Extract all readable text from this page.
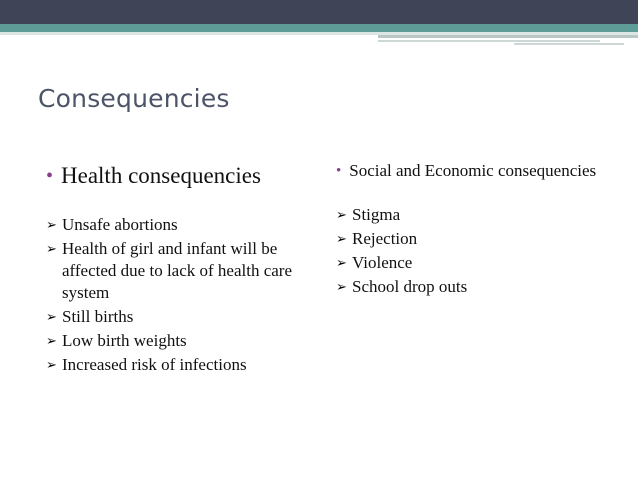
Consequencies
• Health consequencies
➢ Unsafe abortions
➢ Health of girl and infant will be affected due to lack of health care system
➢ Still births
➢ Low birth weights
➢ Increased risk of infections
• Social and Economic consequencies
➢ Stigma
➢ Rejection
➢ Violence
➢ School drop outs
